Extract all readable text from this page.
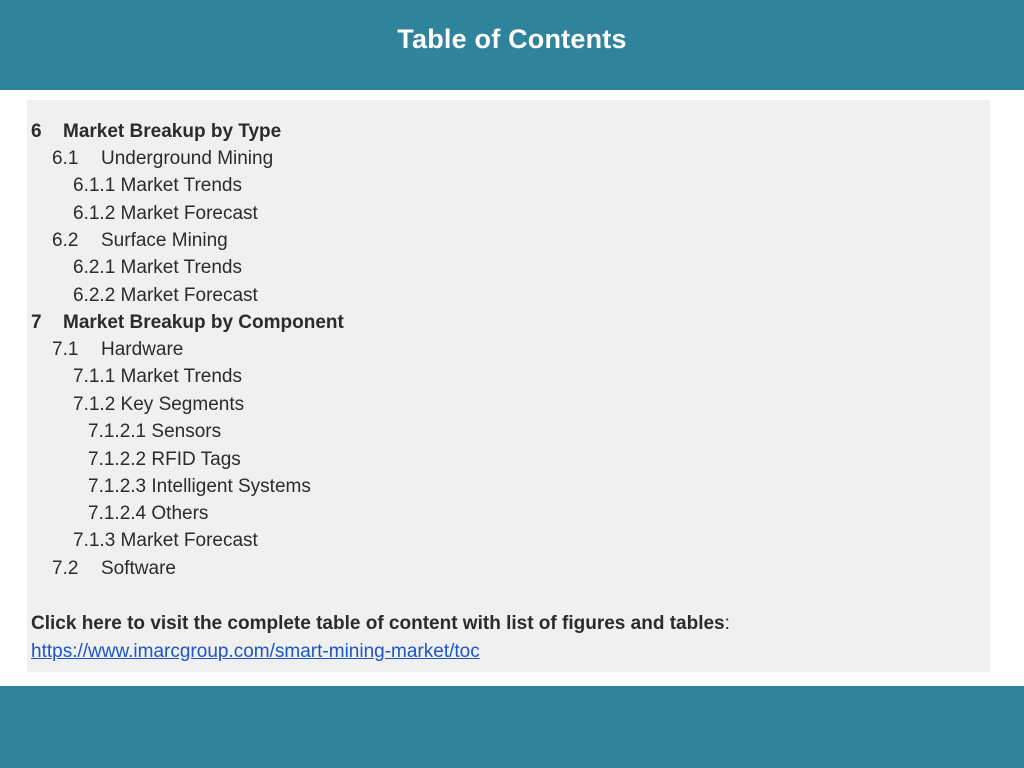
Table of Contents
6 Market Breakup by Type
6.1 Underground Mining
6.1.1 Market Trends
6.1.2 Market Forecast
6.2 Surface Mining
6.2.1 Market Trends
6.2.2 Market Forecast
7 Market Breakup by Component
7.1 Hardware
7.1.1 Market Trends
7.1.2 Key Segments
7.1.2.1 Sensors
7.1.2.2 RFID Tags
7.1.2.3 Intelligent Systems
7.1.2.4 Others
7.1.3 Market Forecast
7.2 Software
Click here to visit the complete table of content with list of figures and tables:
https://www.imarcgroup.com/smart-mining-market/toc
